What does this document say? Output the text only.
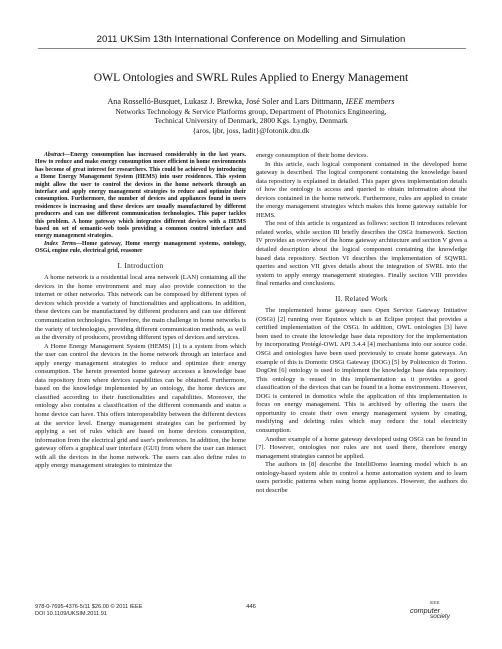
2011 UKSim 13th International Conference on Modelling and Simulation
OWL Ontologies and SWRL Rules Applied to Energy Management
Ana Rosselló-Busquet, Lukasz J. Brewka, José Soler and Lars Dittmann, IEEE members
Networks Technology & Service Platforms group, Department of Photonics Engineering,
Technical University of Denmark, 2800 Kgs. Lyngby, Denmark
{aros, ljbr, joss, ladit}@fotonik.dtu.dk

Abstract—Energy consumption has increased considerably in the last years. How to reduce and make energy consumption more efficient in home environments has become of great interest for researchers. This could be achieved by introducing a Home Energy Management System (HEMS) into user residences. This system might allow the user to control the devices in the home network through an interface and apply energy management strategies to reduce and optimize their consumption. Furthermore, the number of devices and appliances found in users residences is increasing and these devices are usually manufactured by different producers and can use different communication technologies. This paper tackles this problem. A home gateway which integrates different devices with a HEMS based on set of semantic-web tools providing a common control interface and energy management strategies.

Index Terms—Home gateway, Home energy management systems, ontology, OSGi, engine rule, electrical grid, reasoner

I. Introduction

A home network is a residential local area network (LAN) containing all the devices in the home environment and may also provide connection to the internet or other networks. This network can be composed by different types of devices which provide a variety of functionalities and applications. In addition, these devices can be manufactured by different producers and can use different communication technologies. Therefore, the main challenge in home networks is the variety of technologies, providing different communication methods, as well as the diversity of producers, providing different types of devices and services.

A Home Energy Management System (HEMS) [1] is a system from which the user can control the devices in the home network through an interface and apply energy management strategies to reduce and optimize their energy consumption. The herein presented home gateway accesses a knowledge base data repository from where devices capabilities can be obtained. Furthermore, based on the knowledge implemented by an ontology, the home devices are classified according to their functionalities and capabilities. Moreover, the ontology also contains a classification of the different commands and status a home device can have. This offers interoperability between the different devices at the service level. Energy management strategies can be performed by applying a set of rules which are based on home devices consumption, information from the electrical grid and user's preferences. In addition, the home gateway offers a graphical user interface (GUI) from where the user can interact with all the devices in the home network. The users can also define rules to apply energy management strategies to minimize the

energy consumption of their home devices.

In this article, each logical component contained in the developed home gateway is described. The logical component containing the knowledge based data repository is explained in detailed. This paper gives implementation details of how the ontology is access and queried to obtain information about the devices contained in the home network. Furthermore, rules are applied to create the energy management strategies which makes this home gateway suitable for HEMS.

The rest of this article is organized as follows: section II introduces relevant related works, while section III briefly describes the OSGi framework. Section IV provides an overview of the home gateway architecture and section V gives a detailed description about the logical component containing the knowledge based data repository. Section VI describes the implementation of SQWRL queries and section VII gives details about the integration of SWRL into the system to apply energy management strategies. Finally section VIII provides final remarks and conclusions.

II. Related Work

The implemented home gateway uses Open Service Gateway Initiative (OSGi) [2] running over Equinox which is an Eclipse project that provides a certified implementation of the OSGi. In addition, OWL ontologies [3] have been used to create the knowledge base data repository for the implementation by incorporating Protégé-OWL API 3.4.4 [4] mechanisms into our source code. OSGi and ontologies have been used previously to create home gateways. An example of this is Domotic OSGi Gateway (DOG) [5] by Politecnico di Torino. DogOnt [6] ontology is used to implement the knowledge base data repository. This ontology is reused in this implementation as it provides a good classification of the devices that can be found in a home environment. However, DOG is centered in domotics while the application of this implementation is focus on energy management. This is archived by offering the users the opportunity to create their own energy management system by creating, modifying and deleting rules which may reduce the total electricity consumption.

Another example of a home gateway developed using OSGi can be found in [7]. However, ontologies nor rules are not used there, therefore energy management strategies cannot be applied.

The authors in [8] describe the IntelliDomo learning model which is an ontology-based system able to control a home automation system and to learn users periodic patterns when using home appliances. However, the authors do not describe

978-0-7695-4376-5/11 $26.00 © 2011 IEEE
DOI 10.1109/UKSIM.2011.91
446
IEEE
computer
society
